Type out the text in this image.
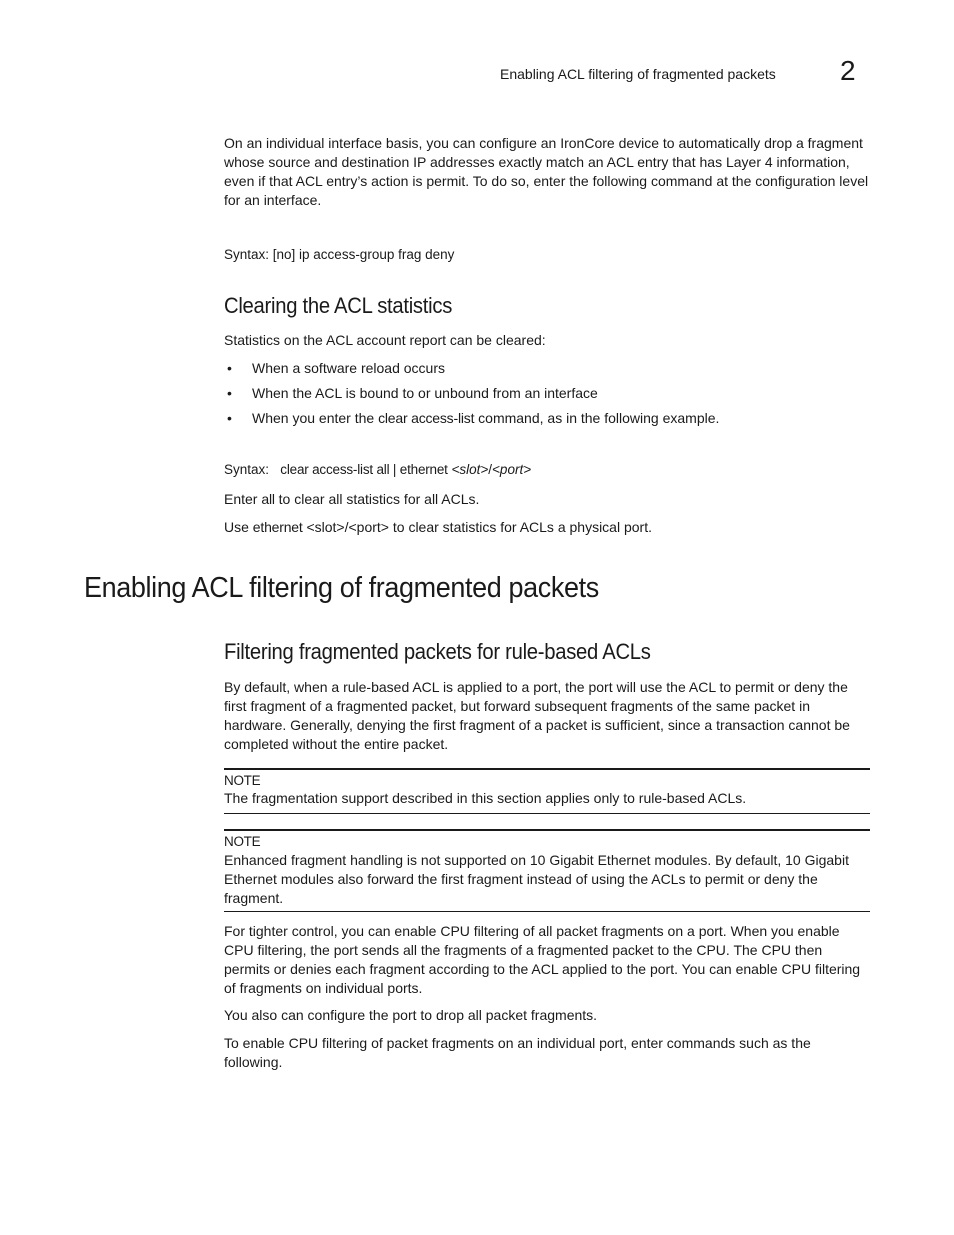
Enabling ACL filtering of fragmented packets 2

On an individual interface basis, you can configure an IronCore device to automatically drop a fragment whose source and destination IP addresses exactly match an ACL entry that has Layer 4 information, even if that ACL entry’s action is permit. To do so, enter the following command at the configuration level for an interface.

Syntax: [no] ip access-group frag deny
Clearing the ACL statistics

Statistics on the ACL account report can be cleared:

• When a software reload occurs
• When the ACL is bound to or unbound from an interface
• When you enter the clear access-list command, as in the following example.
Syntax: clear access-list all | ethernet <slot>/<port>

Enter all to clear all statistics for all ACLs.

Use ethernet <slot>/<port> to clear statistics for ACLs a physical port.

Enabling ACL filtering of fragmented packets
Filtering fragmented packets for rule-based ACLs

By default, when a rule-based ACL is applied to a port, the port will use the ACL to permit or deny the first fragment of a fragmented packet, but forward subsequent fragments of the same packet in hardware. Generally, denying the first fragment of a packet is sufficient, since a transaction cannot be completed without the entire packet.

NOTE

The fragmentation support described in this section applies only to rule-based ACLs.

NOTE

Enhanced fragment handling is not supported on 10 Gigabit Ethernet modules. By default, 10 Gigabit Ethernet modules also forward the first fragment instead of using the ACLs to permit or deny the fragment.

For tighter control, you can enable CPU filtering of all packet fragments on a port. When you enable CPU filtering, the port sends all the fragments of a fragmented packet to the CPU. The CPU then permits or denies each fragment according to the ACL applied to the port. You can enable CPU filtering of fragments on individual ports.

You also can configure the port to drop all packet fragments.

To enable CPU filtering of packet fragments on an individual port, enter commands such as the following.
